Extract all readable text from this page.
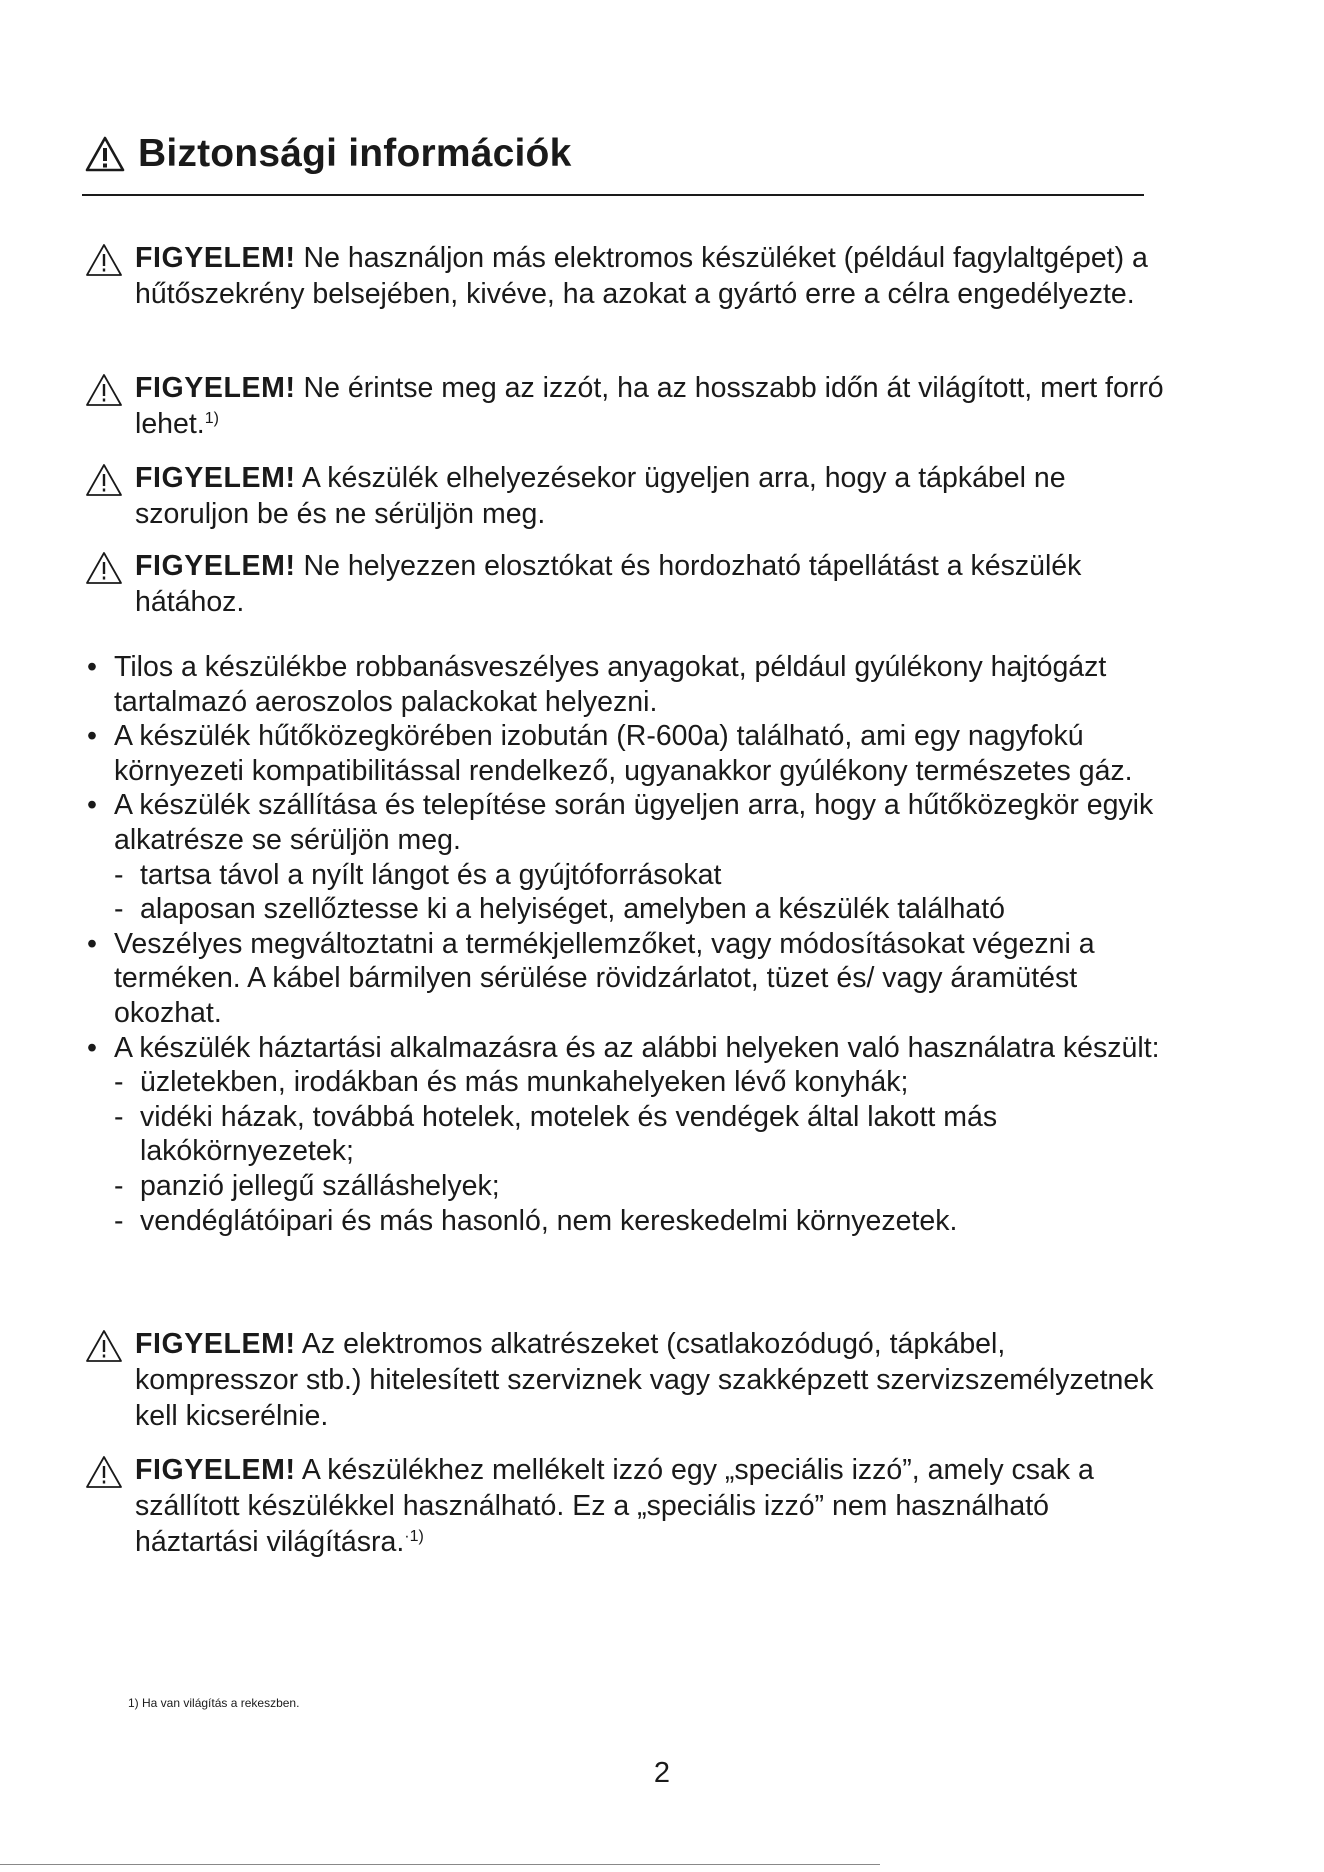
Biztonsági információk
FIGYELEM! Ne használjon más elektromos készüléket (például fagylaltgépet) a hűtőszekrény belsejében, kivéve, ha azokat a gyártó erre a célra engedélyezte.
FIGYELEM! Ne érintse meg az izzót, ha az hosszabb időn át világított, mert forró lehet.$^{1)}$
FIGYELEM! A készülék elhelyezésekor ügyeljen arra, hogy a tápkábel ne szoruljon be és ne sérüljön meg.
FIGYELEM! Ne helyezzen elosztókat és hordozható tápellátást a készülék hátához.
• Tilos a készülékbe robbanásveszélyes anyagokat, például gyúlékony hajtógázt tartalmazó aeroszolos palackokat helyezni.
• A készülék hűtőközegkörében izobután (R-600a) található, ami egy nagyfokú környezeti kompatibilitással rendelkező, ugyanakkor gyúlékony természetes gáz.
• A készülék szállítása és telepítése során ügyeljen arra, hogy a hűtőközegkör egyik alkatrésze se sérüljön meg.
- tartsa távol a nyílt lángot és a gyújtóforrásokat
- alaposan szellőztesse ki a helyiséget, amelyben a készülék található
• Veszélyes megváltoztatni a termékjellemzőket, vagy módosításokat végezni a terméken. A kábel bármilyen sérülése rövidzárlatot, tüzet és/ vagy áramütést okozhat.
• A készülék háztartási alkalmazásra és az alábbi helyeken való használatra készült:
- üzletekben, irodákban és más munkahelyeken lévő konyhák;
- vidéki házak, továbbá hotelek, motelek és vendégek által lakott más lakókörnyezetek;
- panzió jellegű szálláshelyek;
- vendéglátóipari és más hasonló, nem kereskedelmi környezetek.
FIGYELEM! Az elektromos alkatrészeket (csatlakozódugó, tápkábel, kompresszor stb.) hitelesített szerviznek vagy szakképzett szervizszemélyzetnek kell kicserélnie.
FIGYELEM! A készülékhez mellékelt izzó egy „speciális izzó”, amely csak a szállított készülékkel használható. Ez a „speciális izzó” nem használható háztartási világításra.$^{\cdot 1)}$
1) Ha van világítás a rekeszben.
2
